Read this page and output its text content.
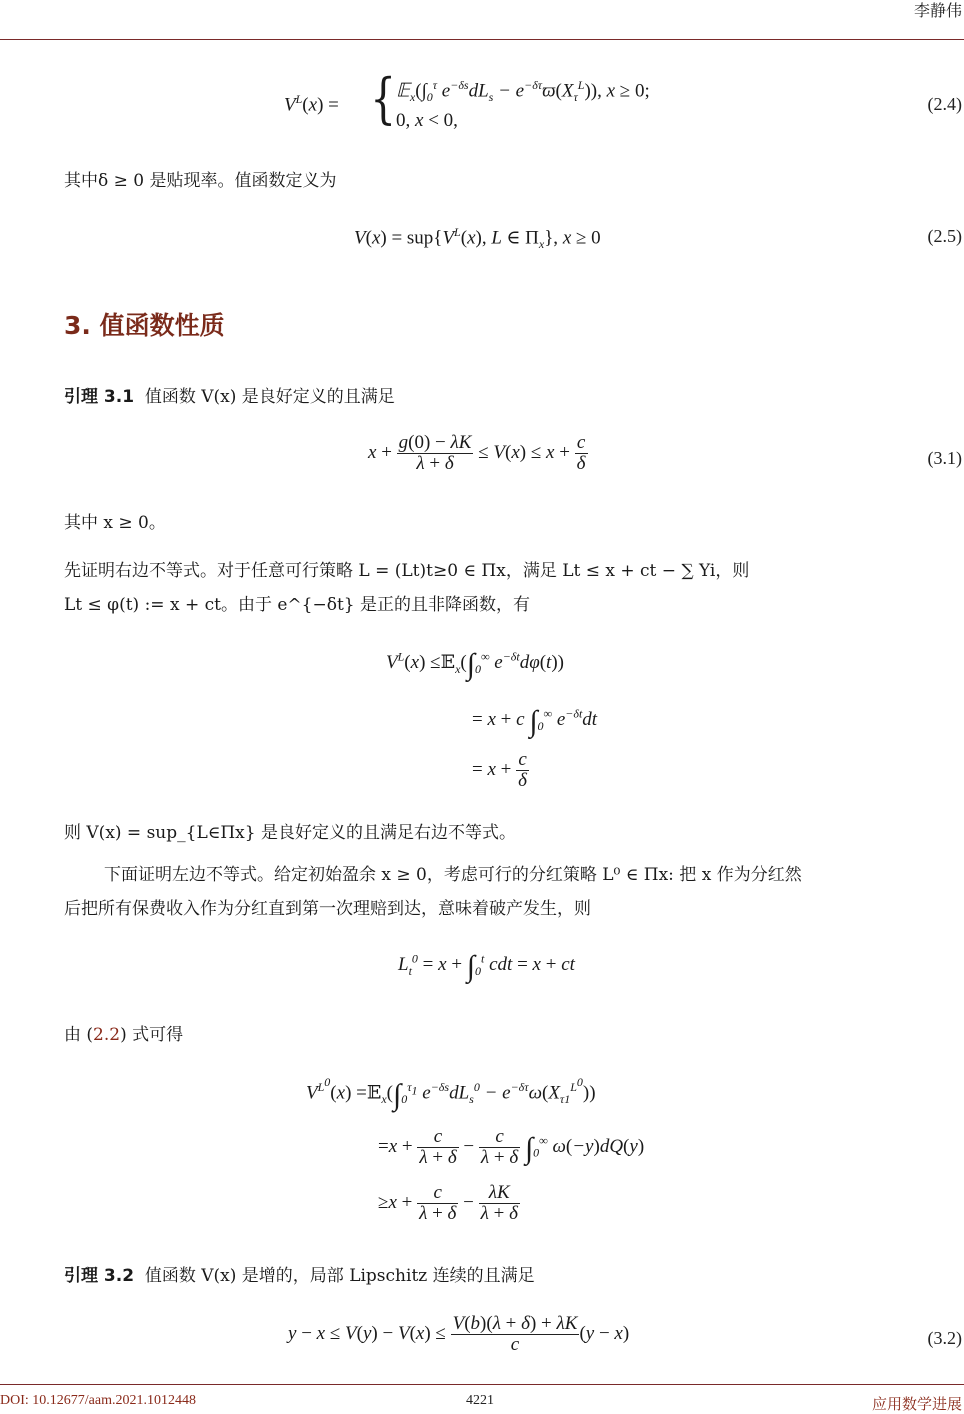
李静伟
$V^L(x)$ = { $𝔼_x(\int_0^\tau$ $e^{-\delta s}dL_s - e^{-\delta\tau}ϖ(X_\tau^L)$), x ≥ 0;
0, x < 0,
(2.4)
其中δ ≥ 0 是贴现率。值函数定义为
$V(x) = sup\{V^L(x)$, L ∈ $\Pi_x$}, x ≥ 0	(2.5)
3. 值函数性质
引理 3.1 值函数 V(x) 是良好定义的且满足
$x + \frac{g(0) - \lambda K}{\lambda + \delta} \le V(x) \le x + \frac{c}{\delta}$	(3.1)
其中 x ≥ 0。
先证明右边不等式。对于任意可行策略 L = (Lt)t≥0 ∈ Πx，满足 Lt ≤ x + ct − ∑ Yi，则
Lt ≤ φ(t) := x + ct。由于 e^{−δt} 是正的且非降函数，有
$V^L(x)$ $\le 𝔼_x(\int_0^\infty$ $e^{-\delta t}d\varphi(t)$)
= x + c $\int_0^\infty$ $e^{-\delta t}dt$
= $x + \frac{c}{\delta}$
则 V(x) = sup_{L∈Πx} 是良好定义的且满足右边不等式。
下面证明左边不等式。给定初始盈余 x ≥ 0，考虑可行的分红策略 L⁰ ∈ Πx: 把 x 作为分红然
后把所有保费收入作为分红直到第一次理赔到达，意味着破产发生，则
$L_t^0 = x + \int_0^t$ cdt = x + ct
由 (2.2) 式可得
$V^{L^0}(x)$ $=𝔼_x(\int_0^{\tau_1}$ $e^{-\delta s}dL_s^0 - e^{-\delta\tau}\omega(X_{\tau 1}^{L^0})$)
$=x + \frac{c}{\lambda + \delta} - \frac{c}{\lambda + \delta} \int_0^\infty$ ω(−y)dQ(y)
$\ge x + \frac{c}{\lambda + \delta} - \frac{\lambda K}{\lambda + \delta}$
引理 3.2 值函数 V(x) 是增的，局部 Lipschitz 连续的且满足
$y - x \le V(y) - V(x) \le \frac{V(b)(\lambda + \delta) + \lambda K}{c} (y - x)$	(3.2)
DOI: 10.12677/aam.2021.1012448	4221	应用数学进展
